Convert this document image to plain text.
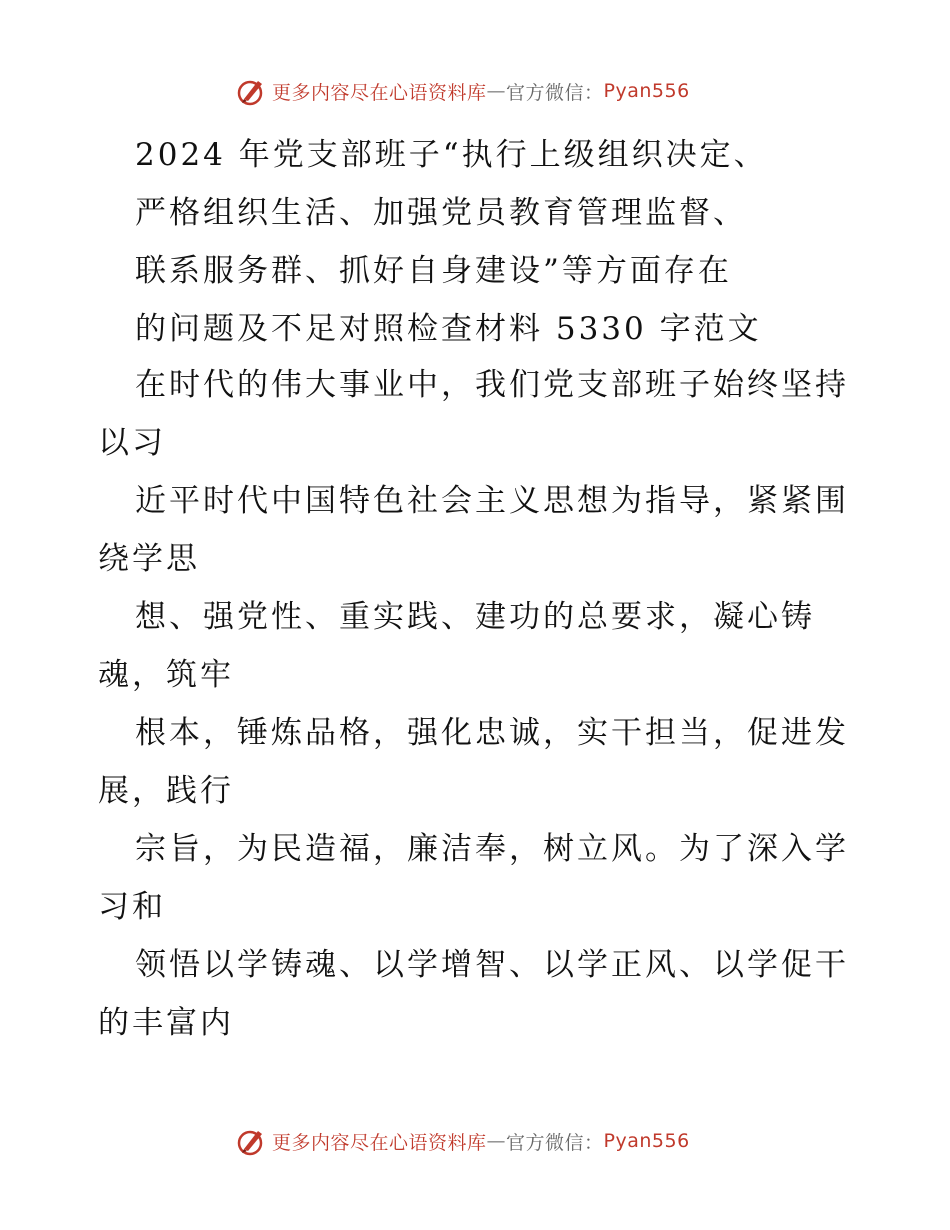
更多内容尽在心语资料库 — 官方微信： Pyan556
2024 年党支部班子“执行上级组织决定、
严格组织生活、加强党员教育管理监督、
联系服务群、抓好自身建设”等方面存在
的问题及不足对照检查材料 5330 字范文
在时代的伟大事业中，我们党支部班子始终坚持
以习
近平时代中国特色社会主义思想为指导，紧紧围
绕学思
想、强党性、重实践、建功的总要求，凝心铸
魂，筑牢
根本，锤炼品格，强化忠诚，实干担当，促进发
展，践行
宗旨，为民造福，廉洁奉，树立风。为了深入学
习和
领悟以学铸魂、以学增智、以学正风、以学促干
的丰富内
更多内容尽在心语资料库 — 官方微信： Pyan556
